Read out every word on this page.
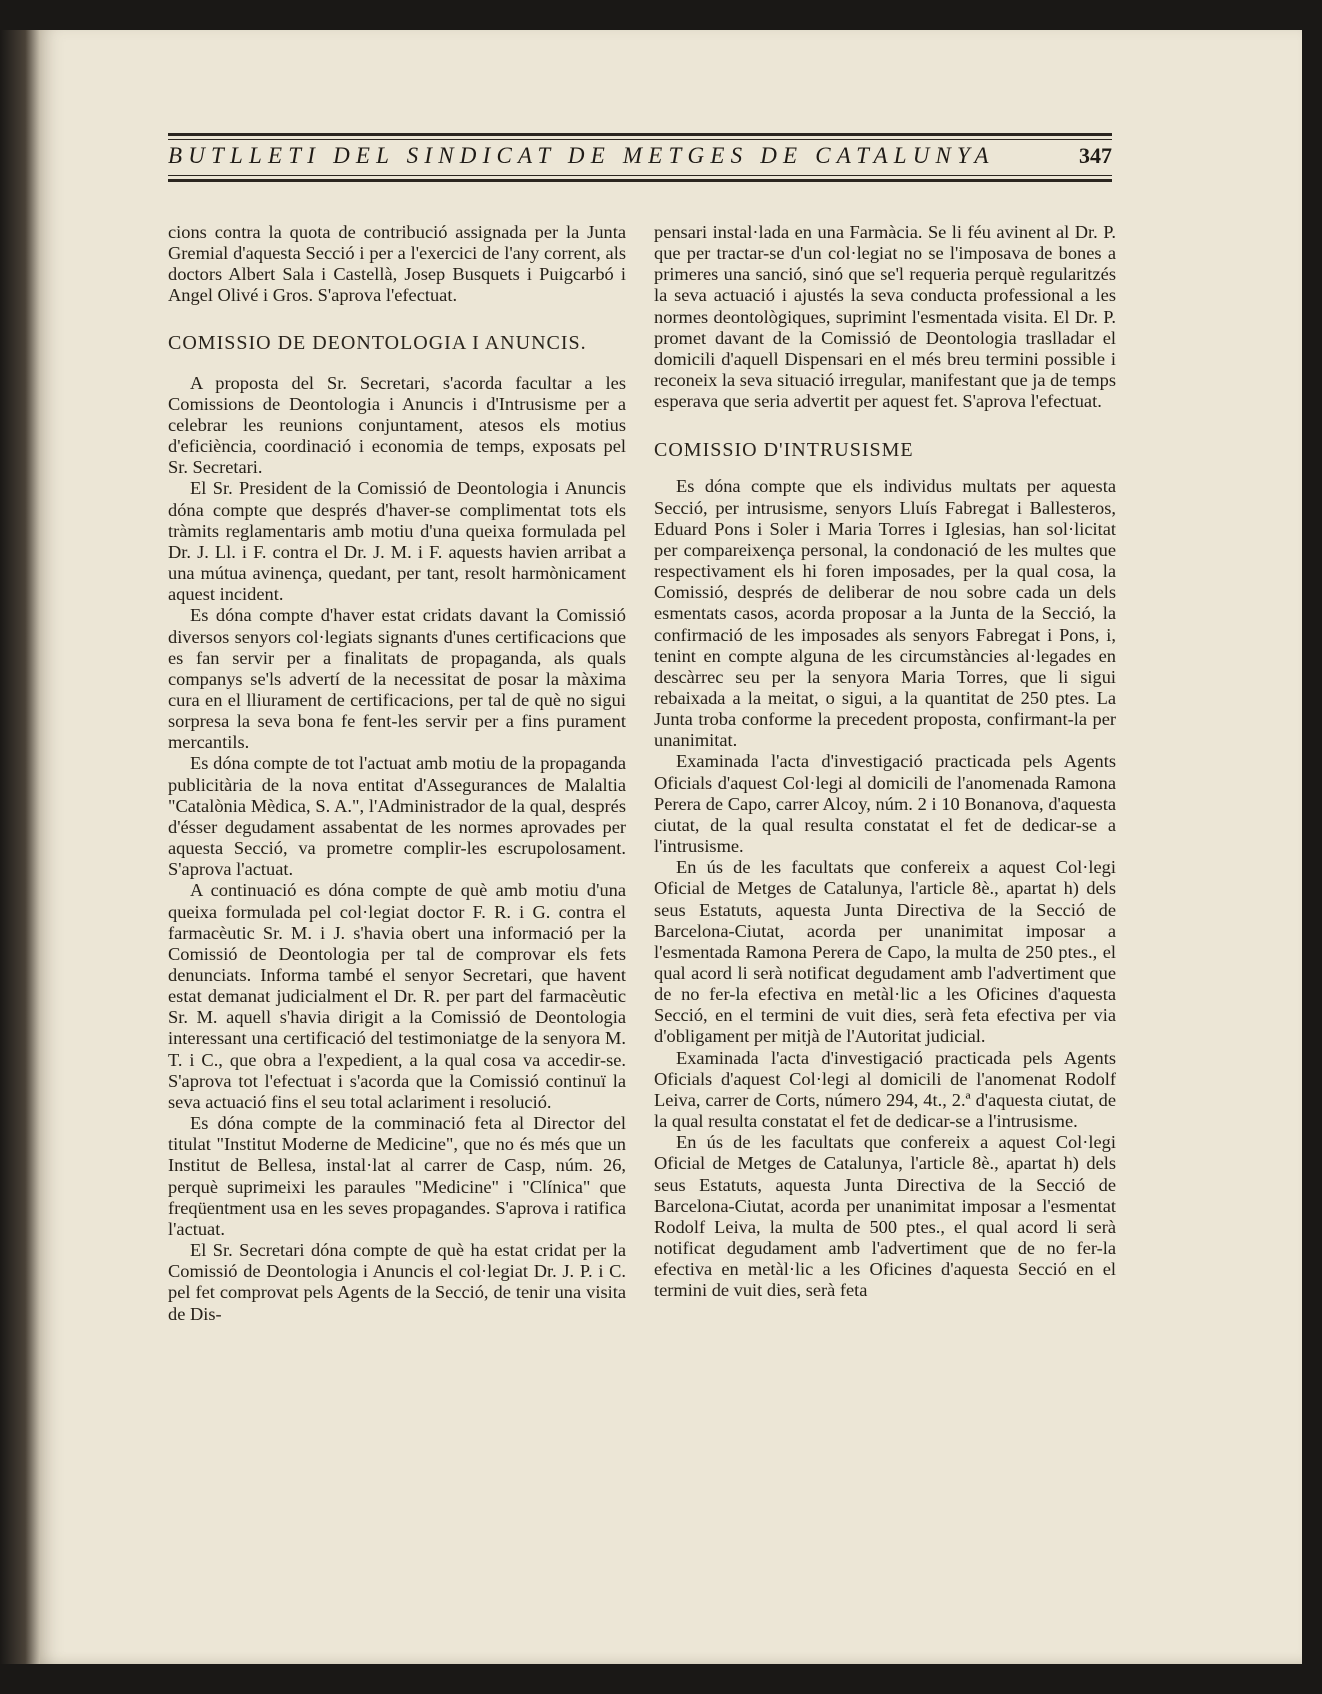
BUTLLETI DEL SINDICAT DE METGES DE CATALUNYA	347

cions contra la quota de contribució assignada per la Junta Gremial d'aquesta Secció i per a l'exercici de l'any corrent, als doctors Albert Sala i Castellà, Josep Busquets i Puigcarbó i Angel Olivé i Gros. S'aprova l'efectuat.

COMISSIO DE DEONTOLOGIA I ANUNCIS.

A proposta del Sr. Secretari, s'acorda facultar a les Comissions de Deontologia i Anuncis i d'Intrusisme per a celebrar les reunions conjuntament, atesos els motius d'eficiència, coordinació i economia de temps, exposats pel Sr. Secretari.

El Sr. President de la Comissió de Deontologia i Anuncis dóna compte que després d'haver-se complimentat tots els tràmits reglamentaris amb motiu d'una queixa formulada pel Dr. J. Ll. i F. contra el Dr. J. M. i F. aquests havien arribat a una mútua avinença, quedant, per tant, resolt harmònicament aquest incident.

Es dóna compte d'haver estat cridats davant la Comissió diversos senyors col·legiats signants d'unes certificacions que es fan servir per a finalitats de propaganda, als quals companys se'ls advertí de la necessitat de posar la màxima cura en el lliurament de certificacions, per tal de què no sigui sorpresa la seva bona fe fent-les servir per a fins purament mercantils.

Es dóna compte de tot l'actuat amb motiu de la propaganda publicitària de la nova entitat d'Assegurances de Malaltia "Catalònia Mèdica, S. A.", l'Administrador de la qual, després d'ésser degudament assabentat de les normes aprovades per aquesta Secció, va prometre complir-les escrupolosament. S'aprova l'actuat.

A continuació es dóna compte de què amb motiu d'una queixa formulada pel col·legiat doctor F. R. i G. contra el farmacèutic Sr. M. i J. s'havia obert una informació per la Comissió de Deontologia per tal de comprovar els fets denunciats. Informa també el senyor Secretari, que havent estat demanat judicialment el Dr. R. per part del farmacèutic Sr. M. aquell s'havia dirigit a la Comissió de Deontologia interessant una certificació del testimoniatge de la senyora M. T. i C., que obra a l'expedient, a la qual cosa va accedir-se. S'aprova tot l'efectuat i s'acorda que la Comissió continuï la seva actuació fins el seu total aclariment i resolució.

Es dóna compte de la comminació feta al Director del titulat "Institut Moderne de Medicine", que no és més que un Institut de Bellesa, instal·lat al carrer de Casp, núm. 26, perquè suprimeixi les paraules "Medicine" i "Clínica" que freqüentment usa en les seves propagandes. S'aprova i ratifica l'actuat.

El Sr. Secretari dóna compte de què ha estat cridat per la Comissió de Deontologia i Anuncis el col·legiat Dr. J. P. i C. pel fet comprovat pels Agents de la Secció, de tenir una visita de Dis-

pensari instal·lada en una Farmàcia. Se li féu avinent al Dr. P. que per tractar-se d'un col·legiat no se l'imposava de bones a primeres una sanció, sinó que se'l requeria perquè regularitzés la seva actuació i ajustés la seva conducta professional a les normes deontològiques, suprimint l'esmentada visita. El Dr. P. promet davant de la Comissió de Deontologia traslladar el domicili d'aquell Dispensari en el més breu termini possible i reconeix la seva situació irregular, manifestant que ja de temps esperava que seria advertit per aquest fet. S'aprova l'efectuat.

COMISSIO D'INTRUSISME

Es dóna compte que els individus multats per aquesta Secció, per intrusisme, senyors Lluís Fabregat i Ballesteros, Eduard Pons i Soler i Maria Torres i Iglesias, han sol·licitat per compareixença personal, la condonació de les multes que respectivament els hi foren imposades, per la qual cosa, la Comissió, després de deliberar de nou sobre cada un dels esmentats casos, acorda proposar a la Junta de la Secció, la confirmació de les imposades als senyors Fabregat i Pons, i, tenint en compte alguna de les circumstàncies al·legades en descàrrec seu per la senyora Maria Torres, que li sigui rebaixada a la meitat, o sigui, a la quantitat de 250 ptes. La Junta troba conforme la precedent proposta, confirmant-la per unanimitat.

Examinada l'acta d'investigació practicada pels Agents Oficials d'aquest Col·legi al domicili de l'anomenada Ramona Perera de Capo, carrer Alcoy, núm. 2 i 10 Bonanova, d'aquesta ciutat, de la qual resulta constatat el fet de dedicar-se a l'intrusisme.

En ús de les facultats que confereix a aquest Col·legi Oficial de Metges de Catalunya, l'article 8è., apartat h) dels seus Estatuts, aquesta Junta Directiva de la Secció de Barcelona-Ciutat, acorda per unanimitat imposar a l'esmentada Ramona Perera de Capo, la multa de 250 ptes., el qual acord li serà notificat degudament amb l'advertiment que de no fer-la efectiva en metàl·lic a les Oficines d'aquesta Secció, en el termini de vuit dies, serà feta efectiva per via d'obligament per mitjà de l'Autoritat judicial.

Examinada l'acta d'investigació practicada pels Agents Oficials d'aquest Col·legi al domicili de l'anomenat Rodolf Leiva, carrer de Corts, número 294, 4t., 2.ª d'aquesta ciutat, de la qual resulta constatat el fet de dedicar-se a l'intrusisme.

En ús de les facultats que confereix a aquest Col·legi Oficial de Metges de Catalunya, l'article 8è., apartat h) dels seus Estatuts, aquesta Junta Directiva de la Secció de Barcelona-Ciutat, acorda per unanimitat imposar a l'esmentat Rodolf Leiva, la multa de 500 ptes., el qual acord li serà notificat degudament amb l'advertiment que de no fer-la efectiva en metàl·lic a les Oficines d'aquesta Secció en el termini de vuit dies, serà feta
